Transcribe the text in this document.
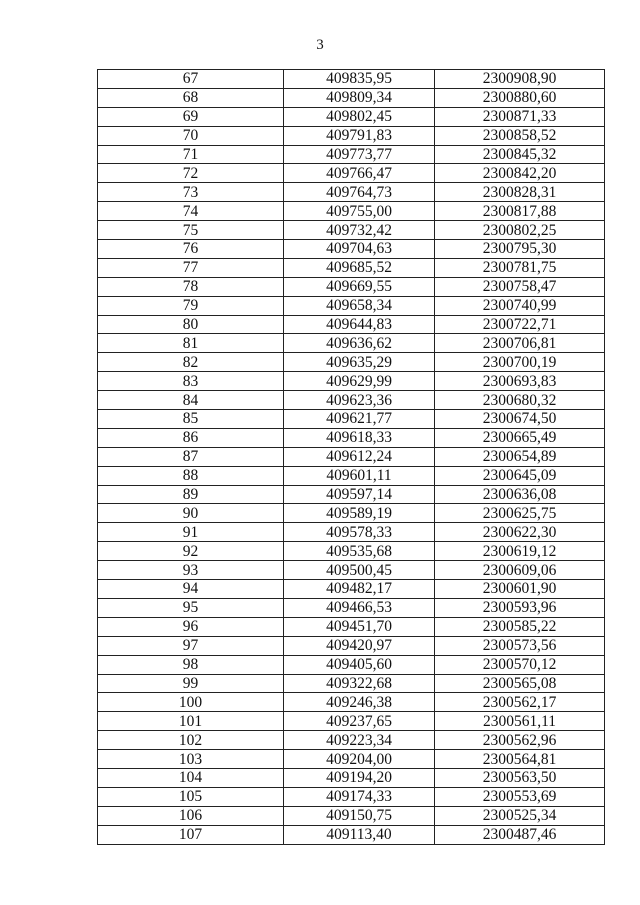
3
67	409835,95	2300908,90
68	409809,34	2300880,60
69	409802,45	2300871,33
70	409791,83	2300858,52
71	409773,77	2300845,32
72	409766,47	2300842,20
73	409764,73	2300828,31
74	409755,00	2300817,88
75	409732,42	2300802,25
76	409704,63	2300795,30
77	409685,52	2300781,75
78	409669,55	2300758,47
79	409658,34	2300740,99
80	409644,83	2300722,71
81	409636,62	2300706,81
82	409635,29	2300700,19
83	409629,99	2300693,83
84	409623,36	2300680,32
85	409621,77	2300674,50
86	409618,33	2300665,49
87	409612,24	2300654,89
88	409601,11	2300645,09
89	409597,14	2300636,08
90	409589,19	2300625,75
91	409578,33	2300622,30
92	409535,68	2300619,12
93	409500,45	2300609,06
94	409482,17	2300601,90
95	409466,53	2300593,96
96	409451,70	2300585,22
97	409420,97	2300573,56
98	409405,60	2300570,12
99	409322,68	2300565,08
100	409246,38	2300562,17
101	409237,65	2300561,11
102	409223,34	2300562,96
103	409204,00	2300564,81
104	409194,20	2300563,50
105	409174,33	2300553,69
106	409150,75	2300525,34
107	409113,40	2300487,46
